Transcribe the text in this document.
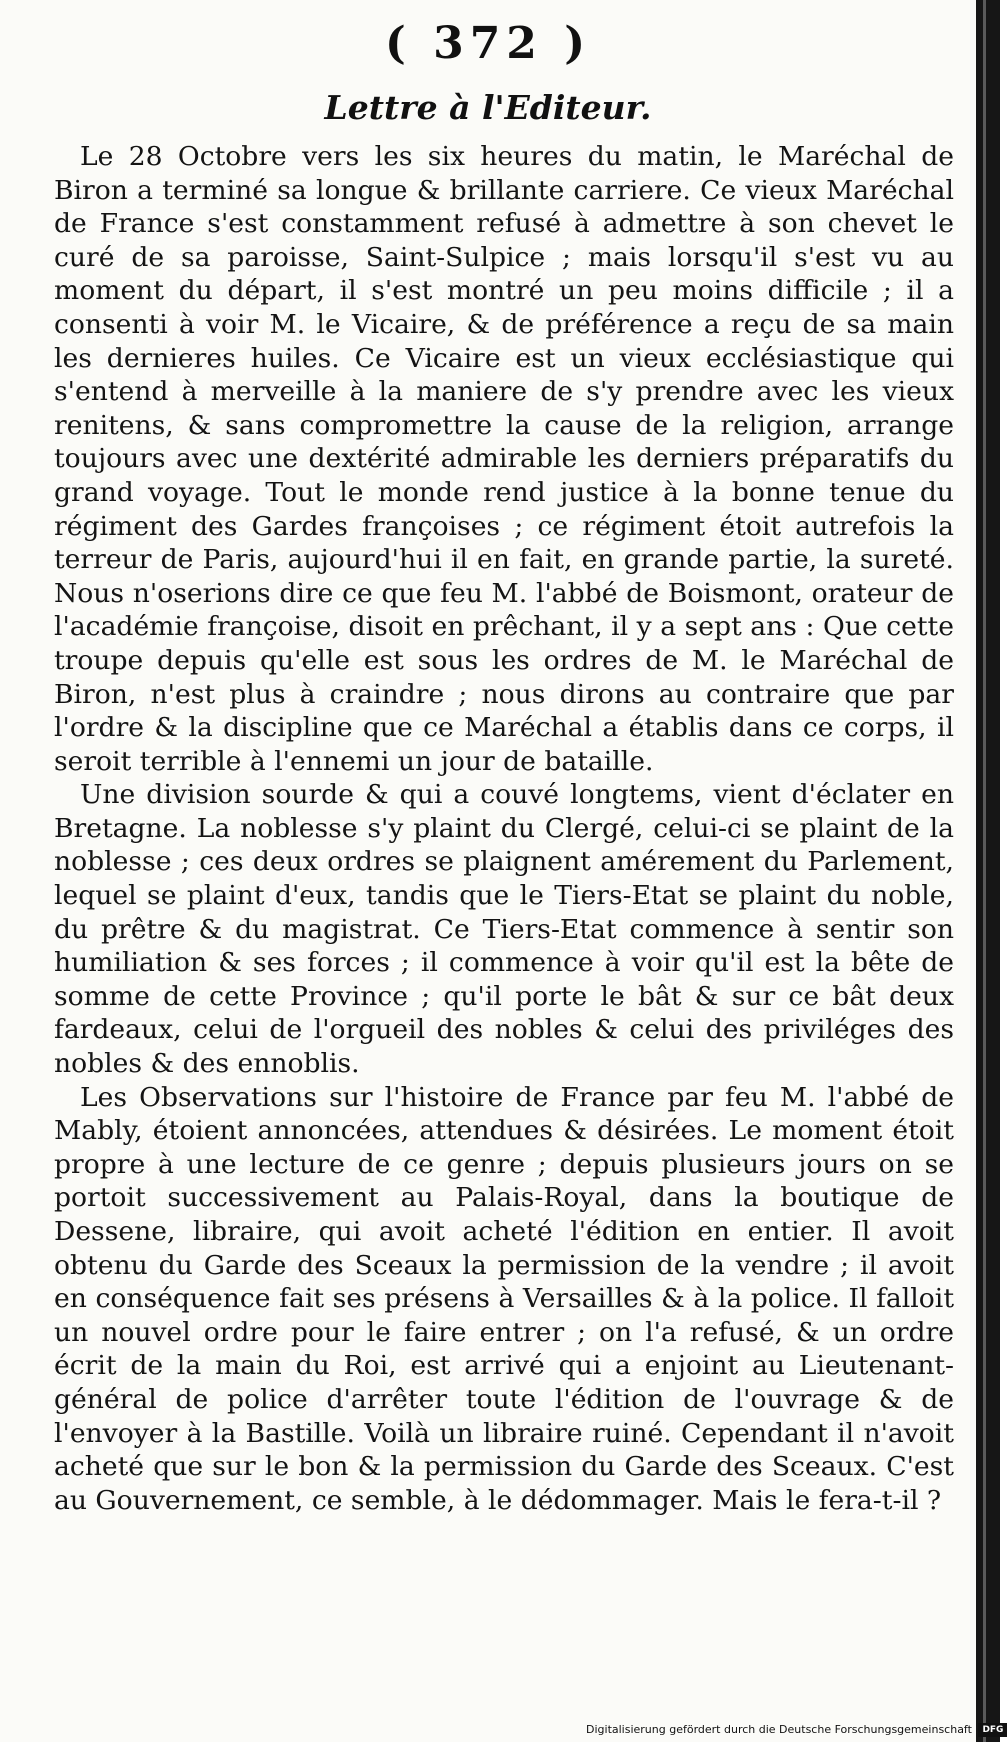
( 372 )
Lettre à l'Editeur.

Le 28 Octobre vers les six heures du matin, le Maréchal de Biron a terminé sa longue & brillante carriere. Ce vieux Maréchal de France s'est constamment refusé à admettre à son chevet le curé de sa paroisse, Saint-Sulpice ; mais lorsqu'il s'est vu au moment du départ, il s'est montré un peu moins difficile ; il a consenti à voir M. le Vicaire, & de préférence a reçu de sa main les dernieres huiles. Ce Vicaire est un vieux ecclésiastique qui s'entend à merveille à la maniere de s'y prendre avec les vieux renitens, & sans compromettre la cause de la religion, arrange toujours avec une dextérité admirable les derniers préparatifs du grand voyage. Tout le monde rend justice à la bonne tenue du régiment des Gardes françoises ; ce régiment étoit autrefois la terreur de Paris, aujourd'hui il en fait, en grande partie, la sureté. Nous n'oserions dire ce que feu M. l'abbé de Boismont, orateur de l'académie françoise, disoit en prêchant, il y a sept ans : Que cette troupe depuis qu'elle est sous les ordres de M. le Maréchal de Biron, n'est plus à craindre ; nous dirons au contraire que par l'ordre & la discipline que ce Maréchal a établis dans ce corps, il seroit terrible à l'ennemi un jour de bataille.

Une division sourde & qui a couvé longtems, vient d'éclater en Bretagne. La noblesse s'y plaint du Clergé, celui-ci se plaint de la noblesse ; ces deux ordres se plaignent amérement du Parlement, lequel se plaint d'eux, tandis que le Tiers-Etat se plaint du noble, du prêtre & du magistrat. Ce Tiers-Etat commence à sentir son humiliation & ses forces ; il commence à voir qu'il est la bête de somme de cette Province ; qu'il porte le bât & sur ce bât deux fardeaux, celui de l'orgueil des nobles & celui des priviléges des nobles & des ennoblis.

Les Observations sur l'histoire de France par feu M. l'abbé de Mably, étoient annoncées, attendues & désirées. Le moment étoit propre à une lecture de ce genre ; depuis plusieurs jours on se portoit successivement au Palais-Royal, dans la boutique de Dessene, libraire, qui avoit acheté l'édition en entier. Il avoit obtenu du Garde des Sceaux la permission de la vendre ; il avoit en conséquence fait ses présens à Versailles & à la police. Il falloit un nouvel ordre pour le faire entrer ; on l'a refusé, & un ordre écrit de la main du Roi, est arrivé qui a enjoint au Lieutenant-général de police d'arrêter toute l'édition de l'ouvrage & de l'envoyer à la Bastille. Voilà un libraire ruiné. Cependant il n'avoit acheté que sur le bon & la permission du Garde des Sceaux. C'est au Gouvernement, ce semble, à le dédommager. Mais le fera-t-il ?

Digitalisierung gefördert durch die Deutsche Forschungsgemeinschaft DFG
